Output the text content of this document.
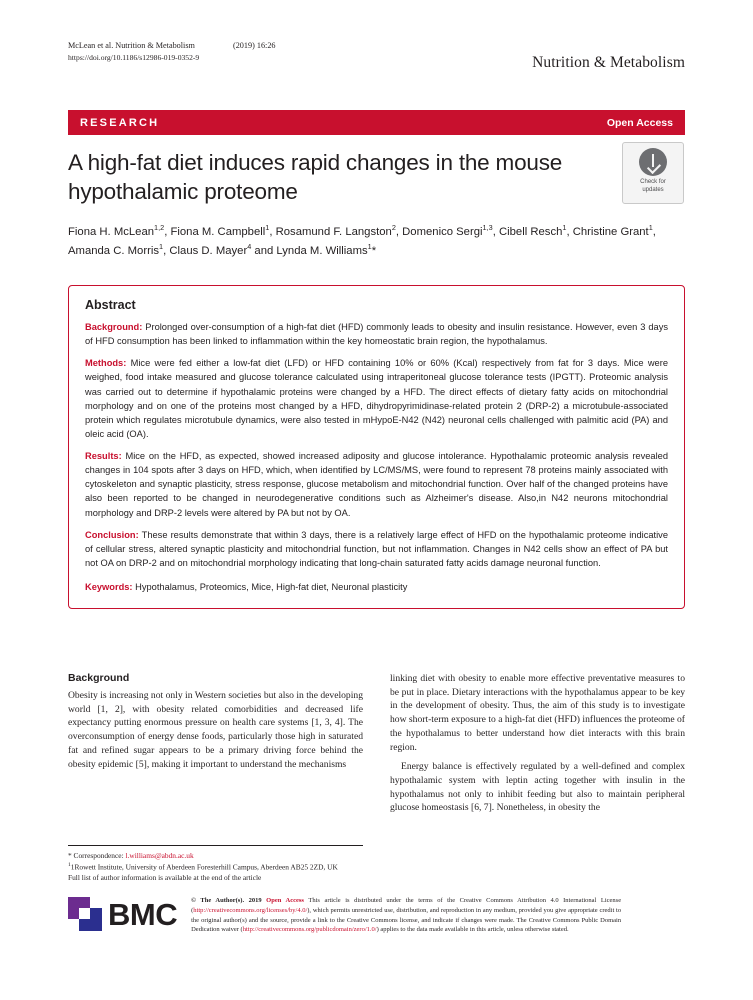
McLean et al. Nutrition & Metabolism	(2019) 16:26
https://doi.org/10.1186/s12986-019-0352-9	Nutrition & Metabolism
RESEARCH	Open Access
A high-fat diet induces rapid changes in the mouse hypothalamic proteome	Check for
updates
Fiona H. McLean$^{1,2}$, Fiona M. Campbell$^1$, Rosamund F. Langston$^2$, Domenico Sergi$^{1,3}$, Cibell Resch$^1$, Christine Grant$^1$, Amanda C. Morris$^1$, Claus D. Mayer$^4$ and Lynda M. Williams$^1$*
Abstract

Background: Prolonged over-consumption of a high-fat diet (HFD) commonly leads to obesity and insulin resistance. However, even 3 days of HFD consumption has been linked to inflammation within the key homeostatic brain region, the hypothalamus.

Methods: Mice were fed either a low-fat diet (LFD) or HFD containing 10% or 60% (Kcal) respectively from fat for 3 days. Mice were weighed, food intake measured and glucose tolerance calculated using intraperitoneal glucose tolerance tests (IPGTT). Proteomic analysis was carried out to determine if hypothalamic proteins were changed by a HFD. The direct effects of dietary fatty acids on mitochondrial morphology and on one of the proteins most changed by a HFD, dihydropyrimidinase-related protein 2 (DRP-2) a microtubule-associated protein which regulates microtubule dynamics, were also tested in mHypoE-N42 (N42) neuronal cells challenged with palmitic acid (PA) and oleic acid (OA).

Results: Mice on the HFD, as expected, showed increased adiposity and glucose intolerance. Hypothalamic proteomic analysis revealed changes in 104 spots after 3 days on HFD, which, when identified by LC/MS/MS, were found to represent 78 proteins mainly associated with cytoskeleton and synaptic plasticity, stress response, glucose metabolism and mitochondrial function. Over half of the changed proteins have also been reported to be changed in neurodegenerative conditions such as Alzheimer's disease. Also,in N42 neurons mitochondrial morphology and DRP-2 levels were altered by PA but not by OA.

Conclusion: These results demonstrate that within 3 days, there is a relatively large effect of HFD on the hypothalamic proteome indicative of cellular stress, altered synaptic plasticity and mitochondrial function, but not inflammation. Changes in N42 cells show an effect of PA but not OA on DRP-2 and on mitochondrial morphology indicating that long-chain saturated fatty acids damage neuronal function.

Keywords: Hypothalamus, Proteomics, Mice, High-fat diet, Neuronal plasticity

Background

Obesity is increasing not only in Western societies but also in the developing world [1, 2], with obesity related comorbidities and decreased life expectancy putting enormous pressure on health care systems [1, 3, 4]. The overconsumption of energy dense foods, particularly those high in saturated fat and refined sugar appears to be a primary driving force behind the obesity epidemic [5], making it important to understand the mechanisms

linking diet with obesity to enable more effective preventative measures to be put in place. Dietary interactions with the hypothalamus appear to be key in the development of obesity. Thus, the aim of this study is to investigate how short-term exposure to a high-fat diet (HFD) influences the proteome of the hypothalamus to better understand how diet interacts with this brain region.

Energy balance is effectively regulated by a well-defined and complex hypothalamic system with leptin acting together with insulin in the hypothalamus not only to inhibit feeding but also to maintain peripheral glucose homeostasis [6, 7]. Nonetheless, in obesity the

* Correspondence: l.williams@abdn.ac.uk
$^1$1Rowett Institute, University of Aberdeen Foresterhill Campus, Aberdeen AB25 2ZD, UK
Full list of author information is available at the end of the article
BMC © The Author(s). 2019 Open Access This article is distributed under the terms of the Creative Commons Attribution 4.0 International License (http://creativecommons.org/licenses/by/4.0/), which permits unrestricted use, distribution, and reproduction in any medium, provided you give appropriate credit to the original author(s) and the source, provide a link to the Creative Commons license, and indicate if changes were made. The Creative Commons Public Domain Dedication waiver (http://creativecommons.org/publicdomain/zero/1.0/) applies to the data made available in this article, unless otherwise stated.
